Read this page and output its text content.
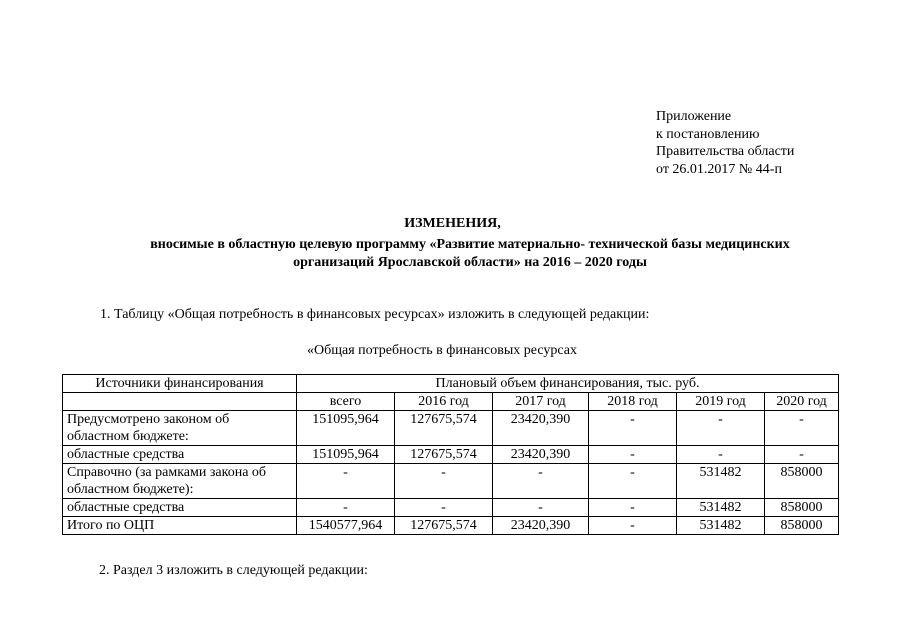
Приложение
к постановлению
Правительства области
от 26.01.2017 № 44-п
ИЗМЕНЕНИЯ,
вносимые в областную целевую программу «Развитие материально- технической базы медицинских
организаций Ярославской области» на 2016 – 2020 годы
1. Таблицу «Общая потребность в финансовых ресурсах» изложить в следующей редакции:
«Общая потребность в финансовых ресурсах
Источники финансирования	Плановый объем финансирования, тыс. руб.					
	всего	2016 год	2017 год	2018 год	2019 год	2020 год
Предусмотрено законом об областном бюджете:	151095,964	127675,574	23420,390	-	-	-
областные средства	151095,964	127675,574	23420,390	-	-	-
Справочно (за рамками закона об областном бюджете):	-	-	-	-	531482	858000
областные средства	-	-	-	-	531482	858000
Итого по ОЦП	1540577,964	127675,574	23420,390	-	531482	858000
2. Раздел 3 изложить в следующей редакции:
